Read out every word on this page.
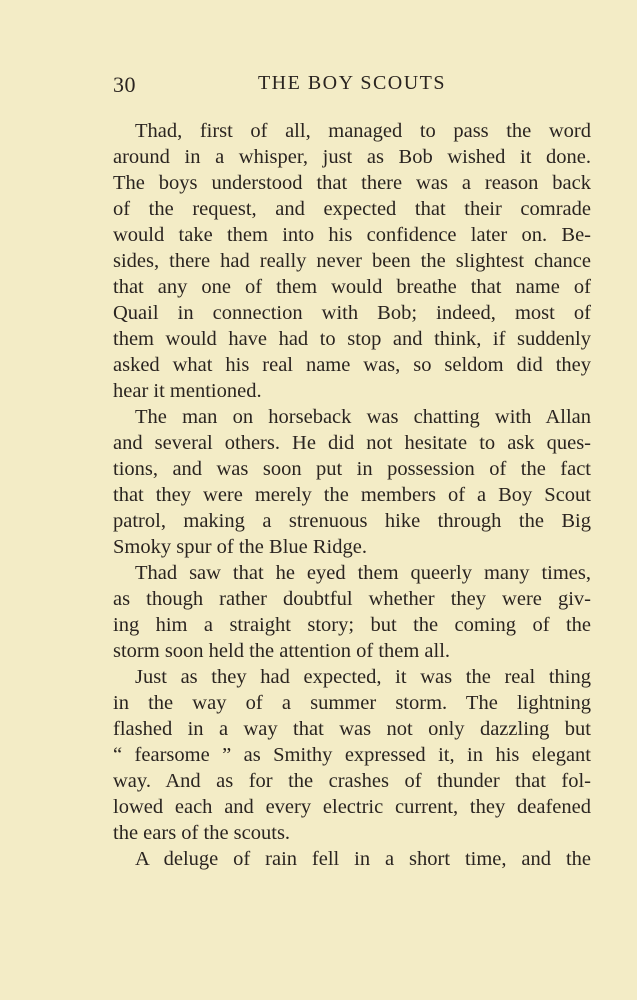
30	THE BOY SCOUTS

Thad, first of all, managed to pass the word
around in a whisper, just as Bob wished it done.
The boys understood that there was a reason back
of the request, and expected that their comrade
would take them into his confidence later on. Be-
sides, there had really never been the slightest chance
that any one of them would breathe that name of
Quail in connection with Bob; indeed, most of
them would have had to stop and think, if suddenly
asked what his real name was, so seldom did they
hear it mentioned.

The man on horseback was chatting with Allan
and several others. He did not hesitate to ask ques-
tions, and was soon put in possession of the fact
that they were merely the members of a Boy Scout
patrol, making a strenuous hike through the Big
Smoky spur of the Blue Ridge.

Thad saw that he eyed them queerly many times,
as though rather doubtful whether they were giv-
ing him a straight story; but the coming of the
storm soon held the attention of them all.

Just as they had expected, it was the real thing
in the way of a summer storm. The lightning
flashed in a way that was not only dazzling but
“ fearsome ” as Smithy expressed it, in his elegant
way. And as for the crashes of thunder that fol-
lowed each and every electric current, they deafened
the ears of the scouts.

A deluge of rain fell in a short time, and the
